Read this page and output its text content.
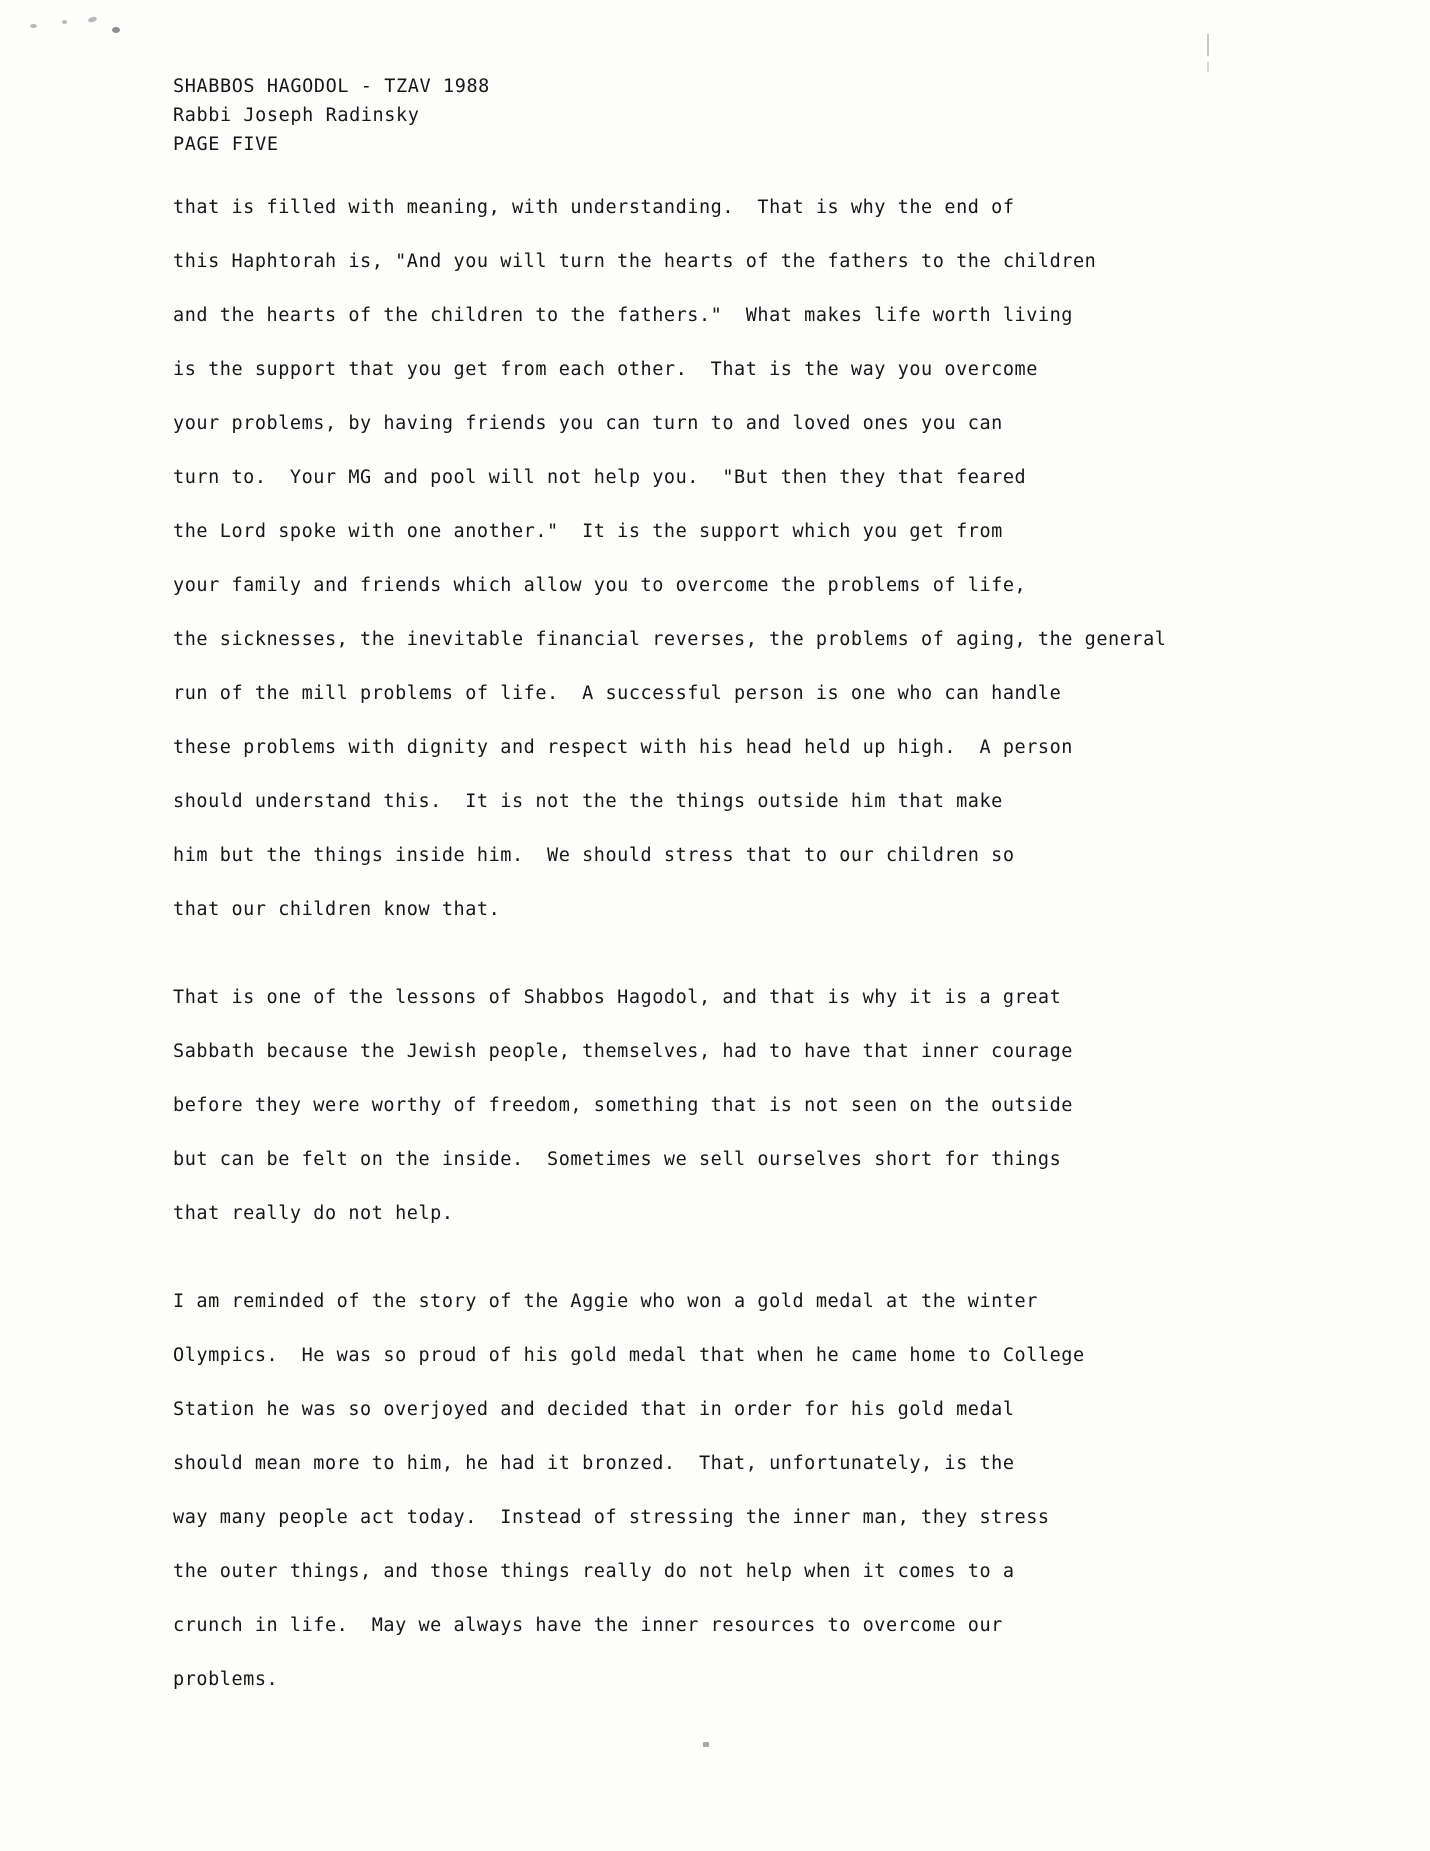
SHABBOS HAGODOL - TZAV 1988
Rabbi Joseph Radinsky
PAGE FIVE
that is filled with meaning, with understanding.  That is why the end of
this Haphtorah is, "And you will turn the hearts of the fathers to the children
and the hearts of the children to the fathers."  What makes life worth living
is the support that you get from each other.  That is the way you overcome
your problems, by having friends you can turn to and loved ones you can
turn to.  Your MG and pool will not help you.  "But then they that feared
the Lord spoke with one another."  It is the support which you get from
your family and friends which allow you to overcome the problems of life,
the sicknesses, the inevitable financial reverses, the problems of aging, the general
run of the mill problems of life.  A successful person is one who can handle
these problems with dignity and respect with his head held up high.  A person
should understand this.  It is not the the things outside him that make
him but the things inside him.  We should stress that to our children so
that our children know that.
That is one of the lessons of Shabbos Hagodol, and that is why it is a great
Sabbath because the Jewish people, themselves, had to have that inner courage
before they were worthy of freedom, something that is not seen on the outside
but can be felt on the inside.  Sometimes we sell ourselves short for things
that really do not help.
I am reminded of the story of the Aggie who won a gold medal at the winter
Olympics.  He was so proud of his gold medal that when he came home to College
Station he was so overjoyed and decided that in order for his gold medal
should mean more to him, he had it bronzed.  That, unfortunately, is the
way many people act today.  Instead of stressing the inner man, they stress
the outer things, and those things really do not help when it comes to a
crunch in life.  May we always have the inner resources to overcome our
problems.
